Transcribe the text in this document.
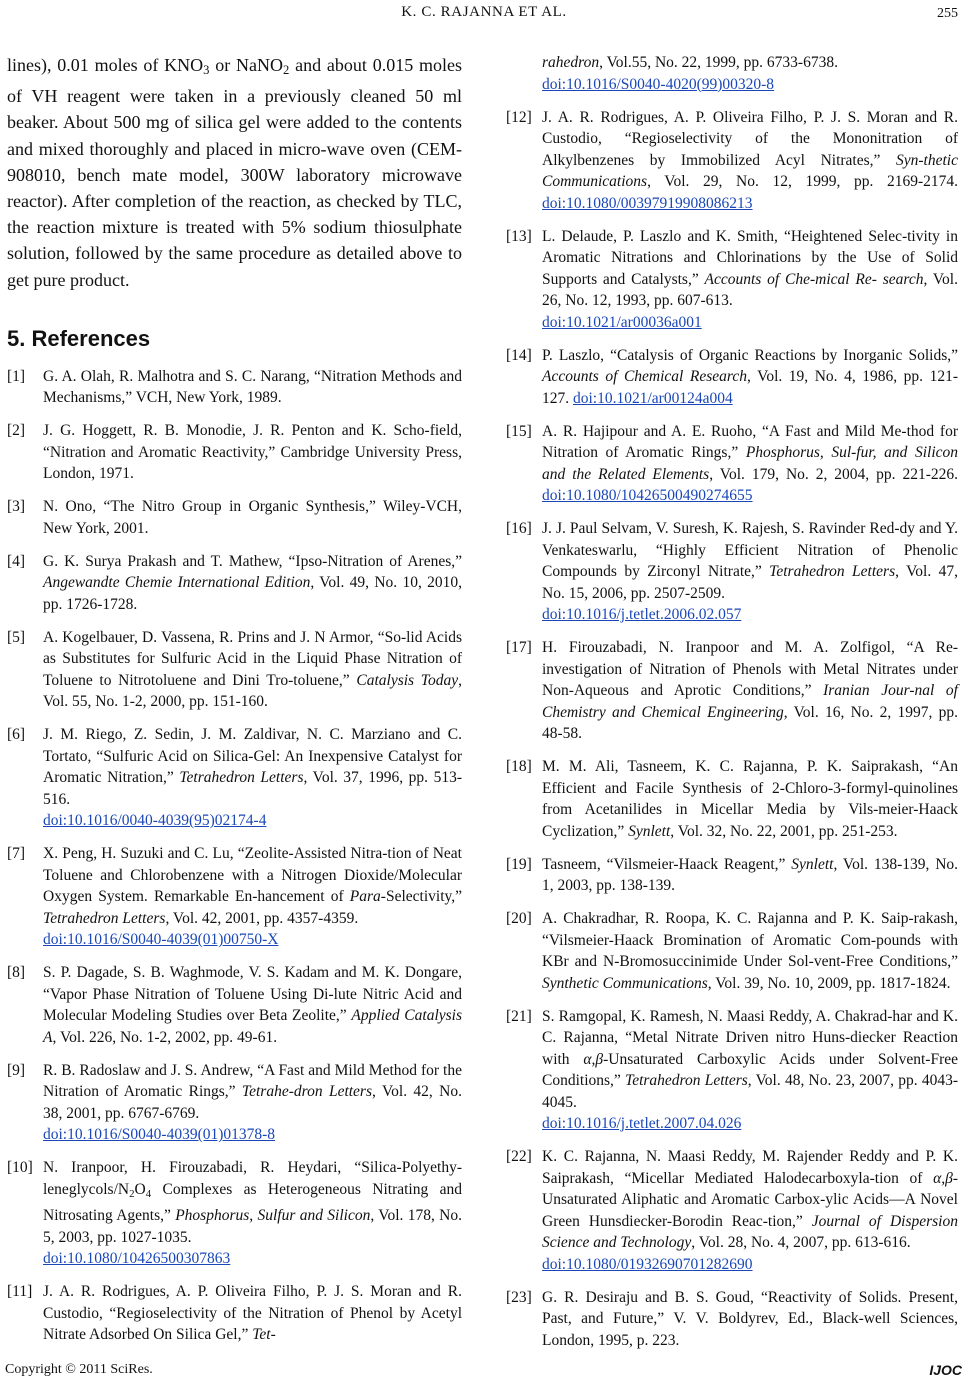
K. C. RAJANNA ET AL.	255

lines), 0.01 moles of $KNO_3$ or NaNO$_2$ and about 0.015 moles of VH reagent were taken in a previously cleaned 50 ml beaker. About 500 mg of silica gel were added to the contents and mixed thoroughly and placed in micro-wave oven (CEM-908010, bench mate model, 300W laboratory microwave reactor). After completion of the reaction, as checked by TLC, the reaction mixture is treated with 5% sodium thiosulphate solution, followed by the same procedure as detailed above to get pure product.

5. References
[1]	G. A. Olah, R. Malhotra and S. C. Narang, “Nitration Methods and Mechanisms,” VCH, New York, 1989.
[2]	J. G. Hoggett, R. B. Monodie, J. R. Penton and K. Scho-field, “Nitration and Aromatic Reactivity,” Cambridge University Press, London, 1971.
[3]	N. Ono, “The Nitro Group in Organic Synthesis,” Wiley-VCH, New York, 2001.
[4]	G. K. Surya Prakash and T. Mathew, “Ipso-Nitration of Arenes,” Angewandte Chemie International Edition, Vol. 49, No. 10, 2010, pp. 1726-1728.
[5]	A. Kogelbauer, D. Vassena, R. Prins and J. N Armor, “So-lid Acids as Substitutes for Sulfuric Acid in the Liquid Phase Nitration of Toluene to Nitrotoluene and Dini Tro-toluene,” Catalysis Today, Vol. 55, No. 1-2, 2000, pp. 151-160.
[6]	J. M. Riego, Z. Sedin, J. M. Zaldivar, N. C. Marziano and C. Tortato, “Sulfuric Acid on Silica-Gel: An Inexpensive Catalyst for Aromatic Nitration,” Tetrahedron Letters, Vol. 37, 1996, pp. 513-516.
doi:10.1016/0040-4039(95)02174-4
[7]	X. Peng, H. Suzuki and C. Lu, “Zeolite-Assisted Nitra-tion of Neat Toluene and Chlorobenzene with a Nitrogen Dioxide/Molecular Oxygen System. Remarkable En-hancement of Para-Selectivity,” Tetrahedron Letters, Vol. 42, 2001, pp. 4357-4359.
doi:10.1016/S0040-4039(01)00750-X
[8]	S. P. Dagade, S. B. Waghmode, V. S. Kadam and M. K. Dongare, “Vapor Phase Nitration of Toluene Using Di-lute Nitric Acid and Molecular Modeling Studies over Beta Zeolite,” Applied Catalysis A, Vol. 226, No. 1-2, 2002, pp. 49-61.
[9]	R. B. Radoslaw and J. S. Andrew, “A Fast and Mild Method for the Nitration of Aromatic Rings,” Tetrahe-dron Letters, Vol. 42, No. 38, 2001, pp. 6767-6769.
doi:10.1016/S0040-4039(01)01378-8
[10] N. Iranpoor, H. Firouzabadi, R. Heydari, “$Silica-Polyethy-leneglycols/N_2O_4$ Complexes as Heterogeneous Nitrating and Nitrosating Agents,” Phosphorus, Sulfur and Silicon, Vol. 178, No. 5, 2003, pp. 1027-1035.
doi:10.1080/10426500307863
[11] J. A. R. Rodrigues, A. P. Oliveira Filho, P. J. S. Moran and R. Custodio, “Regioselectivity of the Nitration of Phenol by Acetyl Nitrate Adsorbed On Silica Gel,” Tet-
rahedron, Vol.55, No. 22, 1999, pp. 6733-6738.
doi:10.1016/S0040-4020(99)00320-8
[12] J. A. R. Rodrigues, A. P. Oliveira Filho, P. J. S. Moran and R. Custodio, “Regioselectivity of the Mononitration of Alkylbenzenes by Immobilized Acyl Nitrates,” Syn-thetic Communications, Vol. 29, No. 12, 1999, pp. 2169-2174. doi:10.1080/00397919908086213
[13] L. Delaude, P. Laszlo and K. Smith, “Heightened Selec-tivity in Aromatic Nitrations and Chlorinations by the Use of Solid Supports and Catalysts,” Accounts of Che-mical Re- search, Vol. 26, No. 12, 1993, pp. 607-613.
doi:10.1021/ar00036a001
[14] P. Laszlo, “Catalysis of Organic Reactions by Inorganic Solids,” Accounts of Chemical Research, Vol. 19, No. 4, 1986, pp. 121-127. doi:10.1021/ar00124a004
[15] A. R. Hajipour and A. E. Ruoho, “A Fast and Mild Me-thod for Nitration of Aromatic Rings,” Phosphorus, Sul-fur, and Silicon and the Related Elements, Vol. 179, No. 2, 2004, pp. 221-226. doi:10.1080/10426500490274655
[16] J. J. Paul Selvam, V. Suresh, K. Rajesh, S. Ravinder Red-dy and Y. Venkateswarlu, “Highly Efficient Nitration of Phenolic Compounds by Zirconyl Nitrate,” Tetrahedron Letters, Vol. 47, No. 15, 2006, pp. 2507-2509.
doi:10.1016/j.tetlet.2006.02.057
[17] H. Firouzabadi, N. Iranpoor and M. A. Zolfigol, “A Re-investigation of Nitration of Phenols with Metal Nitrates under Non-Aqueous and Aprotic Conditions,” Iranian Jour-nal of Chemistry and Chemical Engineering, Vol. 16, No. 2, 1997, pp. 48-58.
[18] M. M. Ali, Tasneem, K. C. Rajanna, P. K. Saiprakash, “An Efficient and Facile Synthesis of 2-Chloro-3-formyl-quinolines from Acetanilides in Micellar Media by Vils-meier-Haack Cyclization,” Synlett, Vol. 32, No. 22, 2001, pp. 251-253.
[19] Tasneem, “Vilsmeier-Haack Reagent,” Synlett, Vol. 138-139, No. 1, 2003, pp. 138-139.
[20] A. Chakradhar, R. Roopa, K. C. Rajanna and P. K. Saip-rakash, “Vilsmeier-Haack Bromination of Aromatic Com-pounds with KBr and N-Bromosuccinimide Under Sol-vent-Free Conditions,” Synthetic Communications, Vol. 39, No. 10, 2009, pp. 1817-1824.
[21] S. Ramgopal, K. Ramesh, N. Maasi Reddy, A. Chakrad-har and K. C. Rajanna, “Metal Nitrate Driven nitro Huns-diecker Reaction with α,β-Unsaturated Carboxylic Acids under Solvent-Free Conditions,” Tetrahedron Letters, Vol. 48, No. 23, 2007, pp. 4043-4045.
doi:10.1016/j.tetlet.2007.04.026
[22] K. C. Rajanna, N. Maasi Reddy, M. Rajender Reddy and P. K. Saiprakash, “Micellar Mediated Halodecarboxyla-tion of α,β-Unsaturated Aliphatic and Aromatic Carbox-ylic Acids—A Novel Green Hunsdiecker-Borodin Reac-tion,” Journal of Dispersion Science and Technology, Vol. 28, No. 4, 2007, pp. 613-616.
doi:10.1080/01932690701282690
[23] G. R. Desiraju and B. S. Goud, “Reactivity of Solids. Present, Past, and Future,” V. V. Boldyrev, Ed., Black-well Sciences, London, 1995, p. 223.
Copyright © 2011 SciRes.	IJOC
